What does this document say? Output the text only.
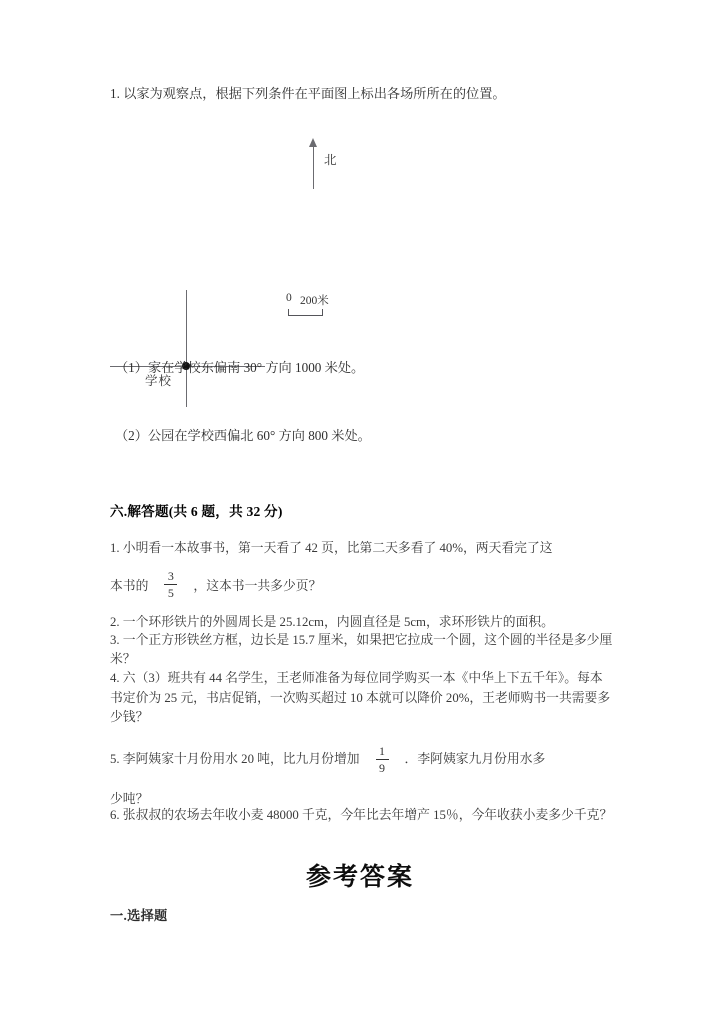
1. 以家为观察点，根据下列条件在平面图上标出各场所所在的位置。
学校
北
0 200米
（1）家在学校东偏南 30° 方向 1000 米处。
（2）公园在学校西偏北 60° 方向 800 米处。
六.解答题(共 6 题，共 32 分)
1. 小明看一本故事书，第一天看了 42 页，比第二天多看了 40%，两天看完了这
本书的 $\frac{3}{5}$ ，这本书一共多少页？
2. 一个环形铁片的外圆周长是 25.12cm，内圆直径是 5cm，求环形铁片的面积。
3. 一个正方形铁丝方框，边长是 15.7 厘米，如果把它拉成一个圆，这个圆的半径是多少厘米？
4. 六（3）班共有 44 名学生，王老师准备为每位同学购买一本《中华上下五千年》。每本书定价为 25 元，书店促销，一次购买超过 10 本就可以降价 20%，王老师购书一共需要多少钱？
5. 李阿姨家十月份用水 20 吨，比九月份增加 $\frac{1}{9}$ ．李阿姨家九月份用水多
少吨？
6. 张叔叔的农场去年收小麦 48000 千克，今年比去年增产 15％，今年收获小麦多少千克？
参考答案
一.选择题
